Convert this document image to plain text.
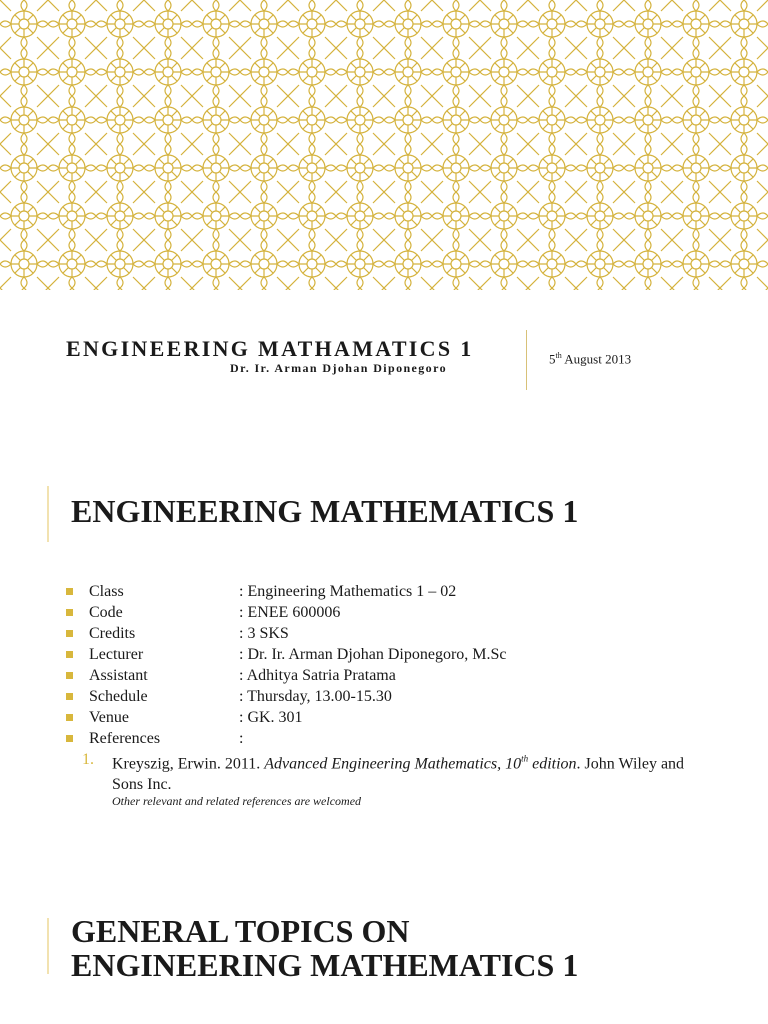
ENGINEERING MATHAMATICS 1
Dr. Ir. Arman Djohan Diponegoro
5th August 2013
ENGINEERING MATHEMATICS 1
Class	: Engineering Mathematics 1 – 02
Code	: ENEE 600006
Credits	: 3 SKS
Lecturer	: Dr. Ir. Arman Djohan Diponegoro, M.Sc
Assistant	: Adhitya Satria Pratama
Schedule	: Thursday, 13.00-15.30
Venue	: GK. 301
References	:
1. Kreyszig, Erwin. 2011. Advanced Engineering Mathematics, 10th edition. John Wiley and Sons Inc.
Other relevant and related references are welcomed
GENERAL TOPICS ON
ENGINEERING MATHEMATICS 1
